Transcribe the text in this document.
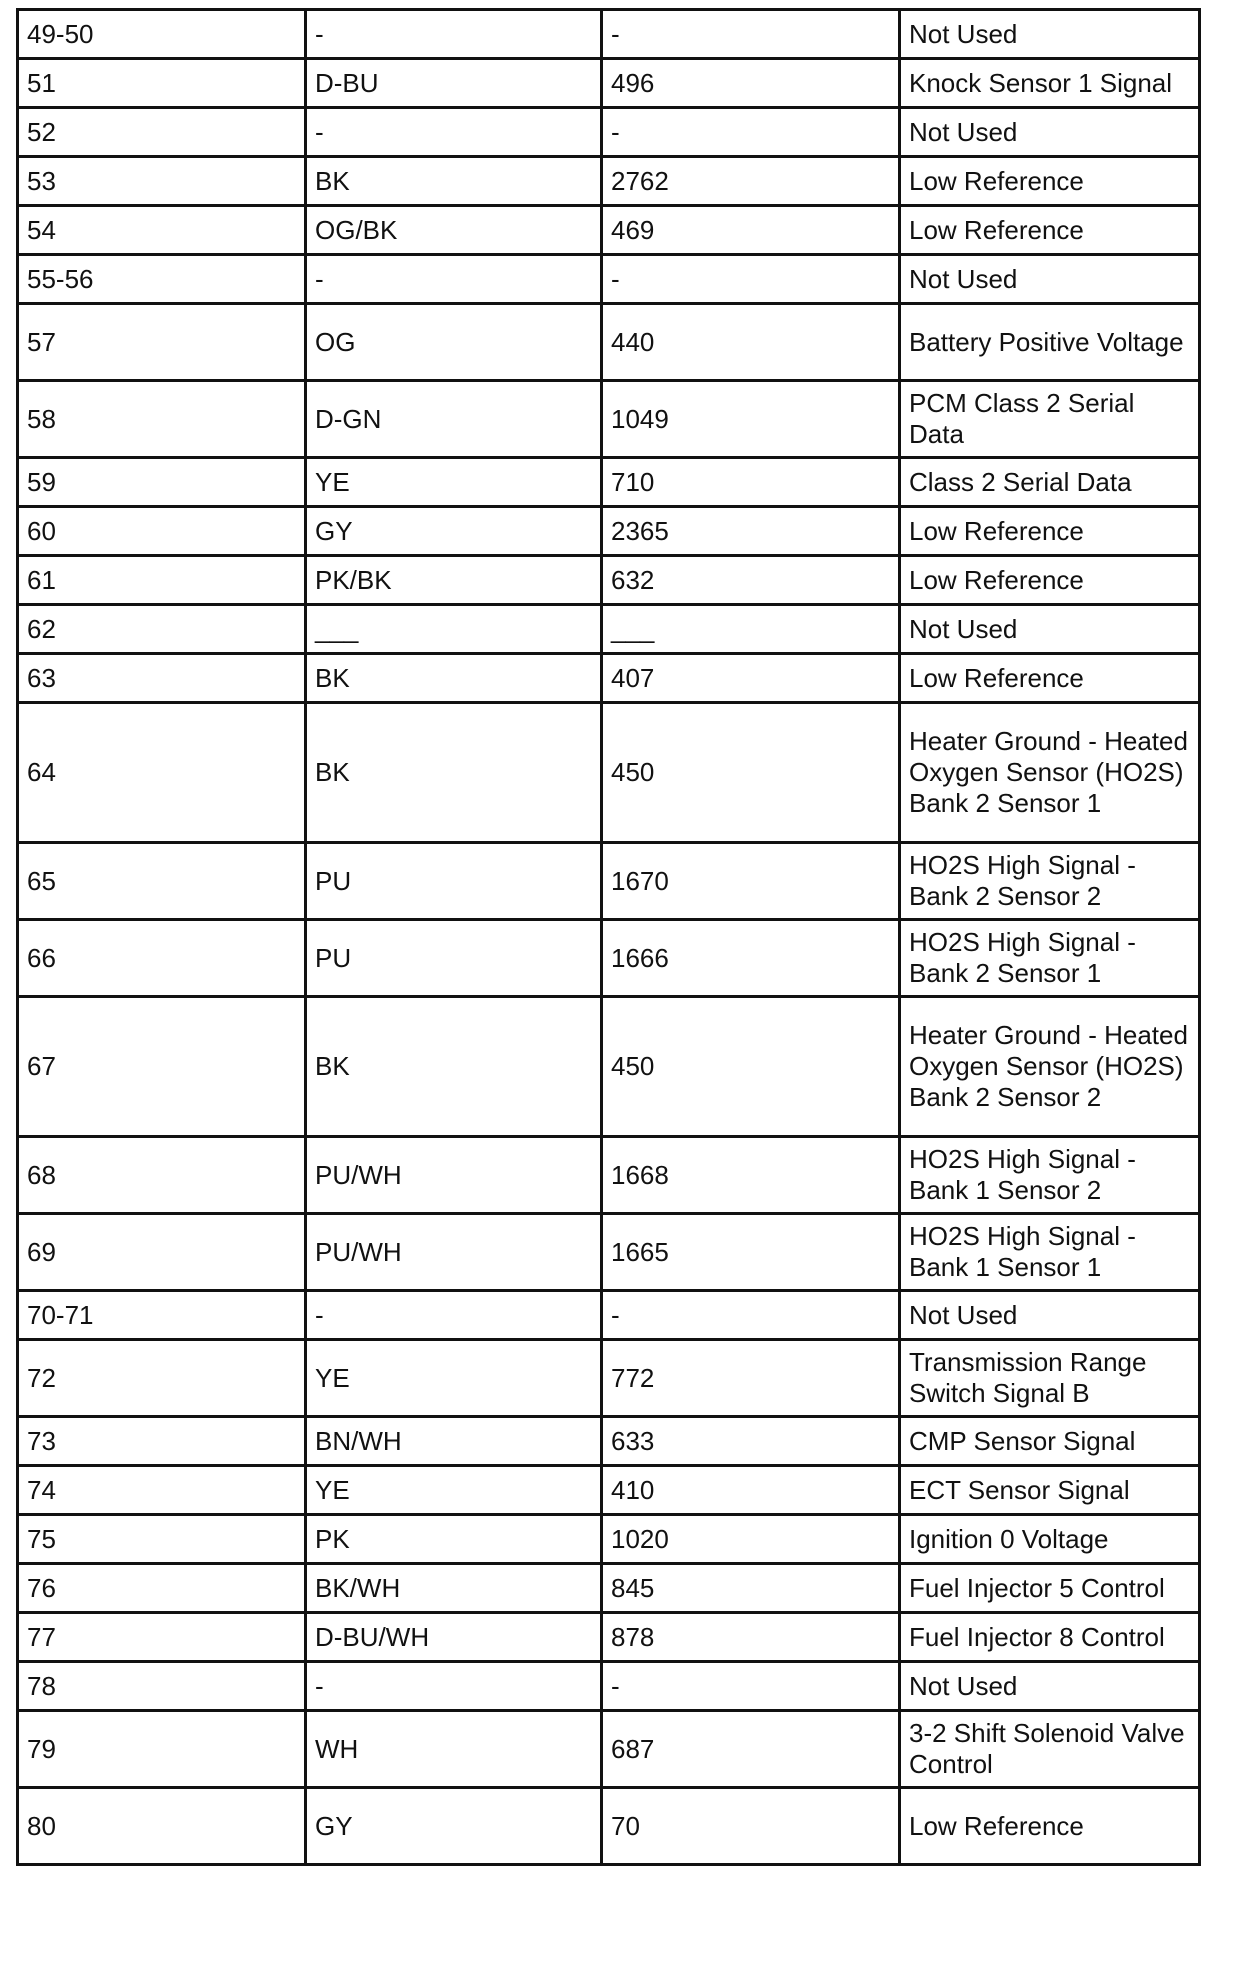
49-50	-	-	Not Used
51	D-BU	496	Knock Sensor 1 Signal
52	-	-	Not Used
53	BK	2762	Low Reference
54	OG/BK	469	Low Reference
55-56	-	-	Not Used
57	OG	440	Battery Positive Voltage
58	D-GN	1049	PCM Class 2 Serial Data
59	YE	710	Class 2 Serial Data
60	GY	2365	Low Reference
61	PK/BK	632	Low Reference
62	___	___	Not Used
63	BK	407	Low Reference
64	BK	450	Heater Ground - Heated Oxygen Sensor (HO2S) Bank 2 Sensor 1
65	PU	1670	HO2S High Signal - Bank 2 Sensor 2
66	PU	1666	HO2S High Signal - Bank 2 Sensor 1
67	BK	450	Heater Ground - Heated Oxygen Sensor (HO2S) Bank 2 Sensor 2
68	PU/WH	1668	HO2S High Signal - Bank 1 Sensor 2
69	PU/WH	1665	HO2S High Signal - Bank 1 Sensor 1
70-71	-	-	Not Used
72	YE	772	Transmission Range Switch Signal B
73	BN/WH	633	CMP Sensor Signal
74	YE	410	ECT Sensor Signal
75	PK	1020	Ignition 0 Voltage
76	BK/WH	845	Fuel Injector 5 Control
77	D-BU/WH	878	Fuel Injector 8 Control
78	-	-	Not Used
79	WH	687	3-2 Shift Solenoid Valve Control
80	GY	70	Low Reference
